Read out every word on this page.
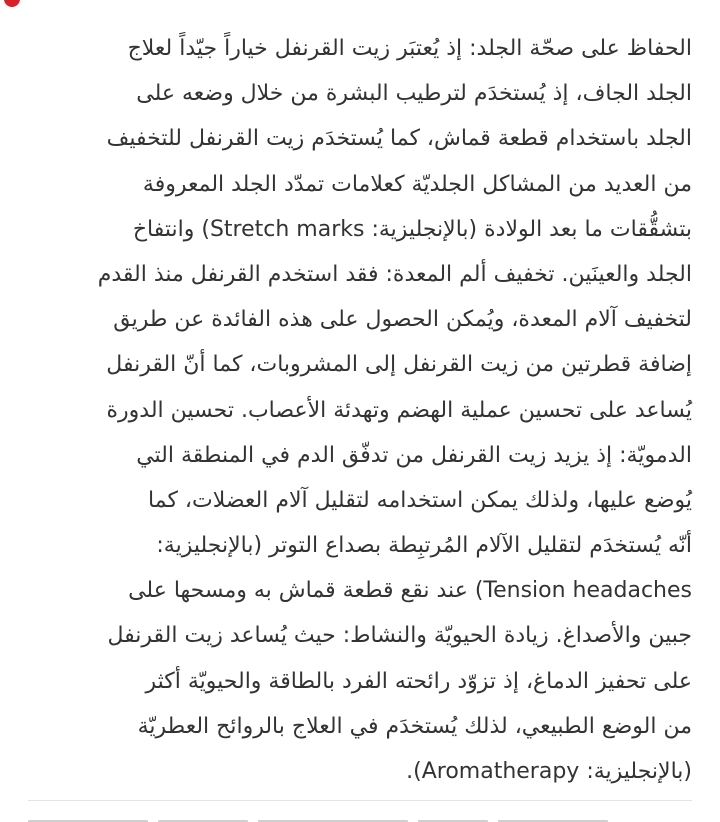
الحفاظ على صحّة الجلد: إذ يُعتبَر زيت القرنفل خياراً جيّداً لعلاج
الجلد الجاف، إذ يُستخدَم لترطيب البشرة من خلال وضعه على
الجلد باستخدام قطعة قماش، كما يُستخدَم زيت القرنفل للتخفيف
من العديد من المشاكل الجلديّة كعلامات تمدّد الجلد المعروفة
بتشقُّقات ما بعد الولادة (بالإنجليزية: Stretch marks) وانتفاخ
الجلد والعينَين. تخفيف ألم المعدة: فقد استخدم القرنفل منذ القدم
لتخفيف آلام المعدة، ويُمكن الحصول على هذه الفائدة عن طريق
إضافة قطرتين من زيت القرنفل إلى المشروبات، كما أنّ القرنفل
يُساعد على تحسين عملية الهضم وتهدئة الأعصاب. تحسين الدورة
الدمويّة: إذ يزيد زيت القرنفل من تدفّق الدم في المنطقة التي
يُوضع عليها، ولذلك يمكن استخدامه لتقليل آلام العضلات، كما
أنّه يُستخدَم لتقليل الآلام المُرتبِطة بصداع التوتر (بالإنجليزية:
Tension headaches) عند نقع قطعة قماش به ومسحها على
جبين والأصداغ. زيادة الحيويّة والنشاط: حيث يُساعد زيت القرنفل
على تحفيز الدماغ، إذ تزوّد رائحته الفرد بالطاقة والحيويّة أكثر
من الوضع الطبيعي، لذلك يُستخدَم في العلاج بالروائح العطريّة
(بالإنجليزية: Aromatherapy).
